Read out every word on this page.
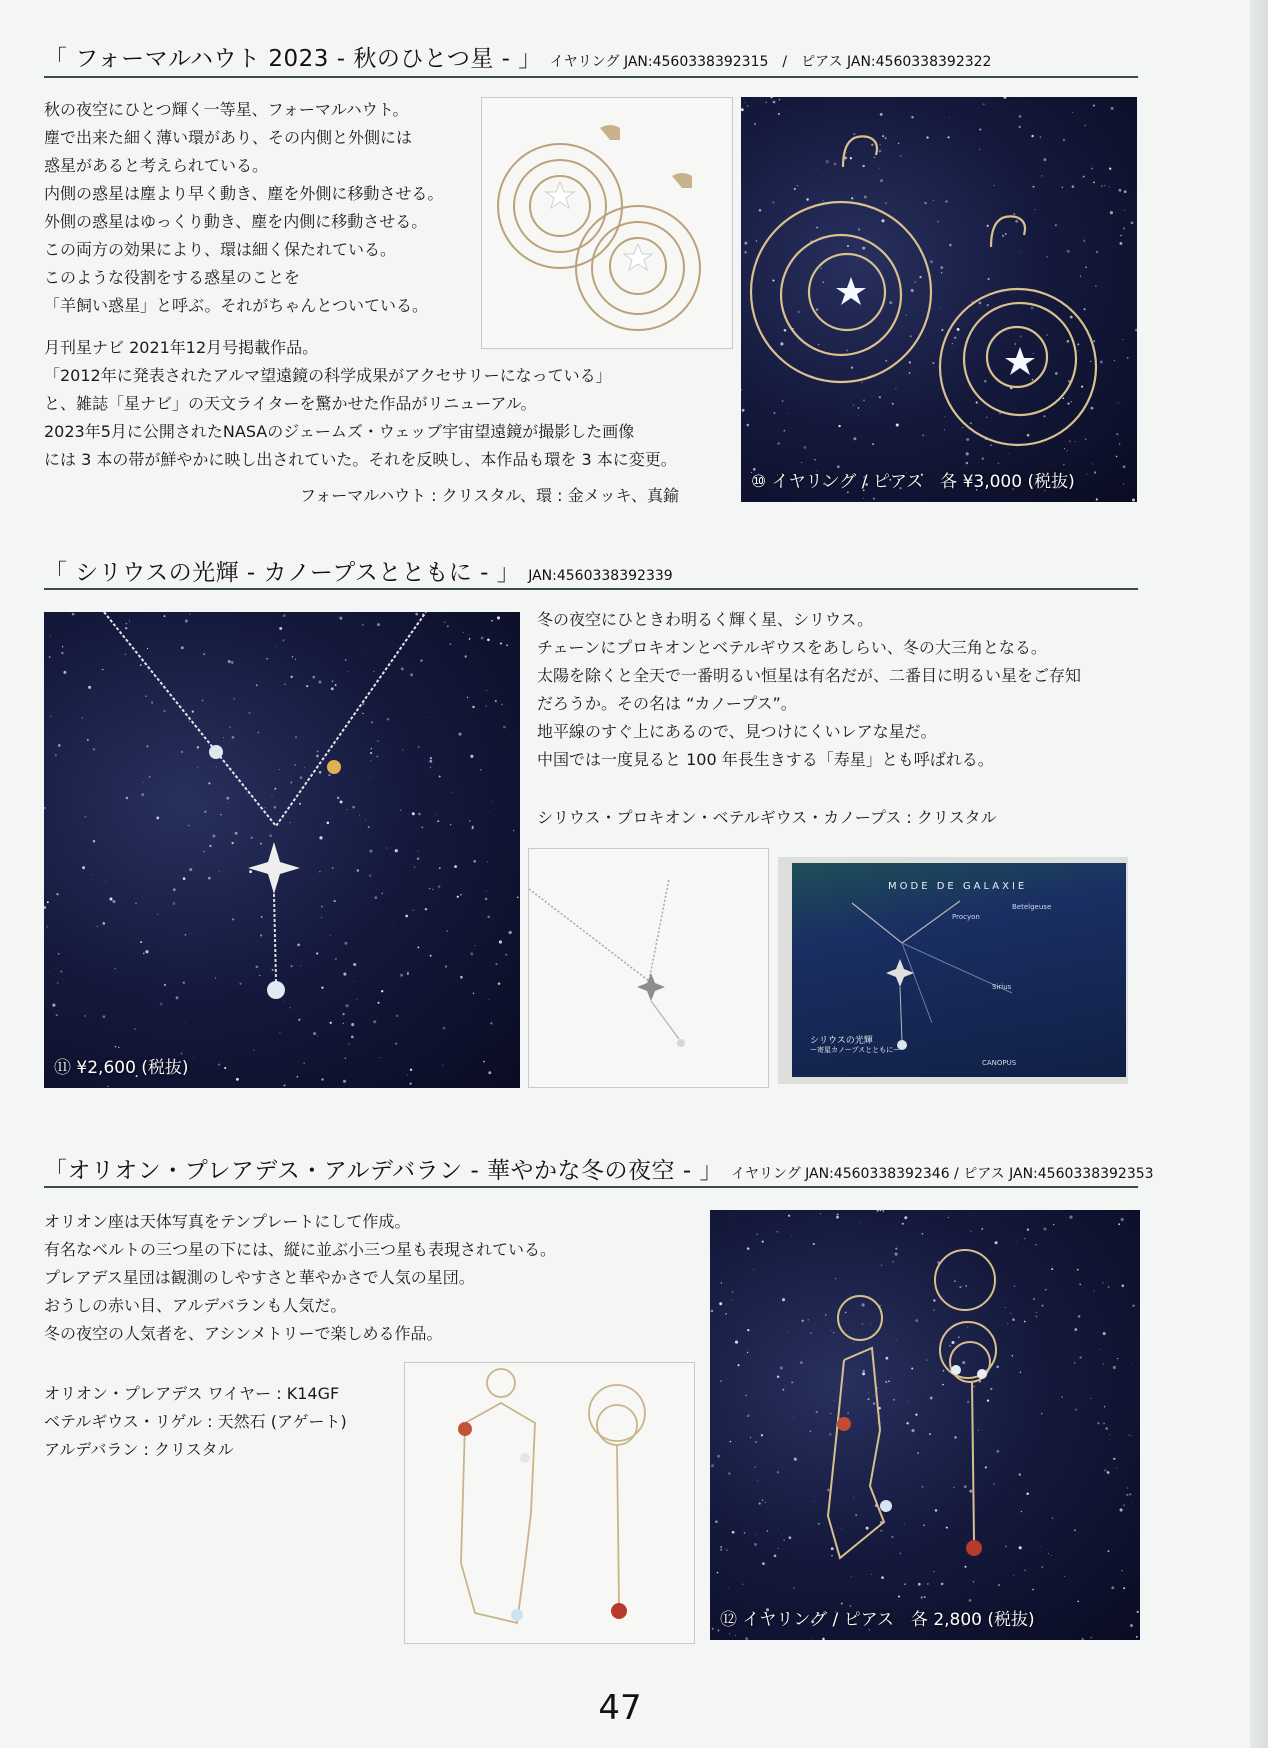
「 フォーマルハウト 2023 - 秋のひとつ星 - 」 イヤリング JAN:4560338392315　/　ピアス JAN:4560338392322

秋の夜空にひとつ輝く一等星、フォーマルハウト。

塵で出来た細く薄い環があり、その内側と外側には

惑星があると考えられている。

内側の惑星は塵より早く動き、塵を外側に移動させる。

外側の惑星はゆっくり動き、塵を内側に移動させる。

この両方の効果により、環は細く保たれている。

このような役割をする惑星のことを

「羊飼い惑星」と呼ぶ。それがちゃんとついている。

月刊星ナビ 2021年12月号掲載作品。

「2012年に発表されたアルマ望遠鏡の科学成果がアクセサリーになっている」

と、雑誌「星ナビ」の天文ライターを驚かせた作品がリニューアル。

2023年5月に公開されたNASAのジェームズ・ウェッブ宇宙望遠鏡が撮影した画像

には 3 本の帯が鮮やかに映し出されていた。それを反映し、本作品も環を 3 本に変更。

フォーマルハウト : クリスタル、環 : 金メッキ、真鍮

⑩ イヤリング / ピアス　各 ¥3,000 (税抜)
「 シリウスの光輝 - カノープスとともに - 」 JAN:4560338392339
⑪ ¥2,600 (税抜)

冬の夜空にひときわ明るく輝く星、シリウス。

チェーンにプロキオンとベテルギウスをあしらい、冬の大三角となる。

太陽を除くと全天で一番明るい恒星は有名だが、二番目に明るい星をご存知

だろうか。その名は “カノープス”。

地平線のすぐ上にあるので、見つけにくいレアな星だ。

中国では一度見ると 100 年長生きする「寿星」とも呼ばれる。

シリウス・プロキオン・ベテルギウス・カノープス : クリスタル

MODE DE GALAXIE
Procyon
Betelgeuse
Sirius
CANOPUS
シリウスの光輝
ー寄星カノープスとともにー
「オリオン・プレアデス・アルデバラン - 華やかな冬の夜空 - 」 イヤリング JAN:4560338392346 / ピアス JAN:4560338392353

オリオン座は天体写真をテンプレートにして作成。

有名なベルトの三つ星の下には、縦に並ぶ小三つ星も表現されている。

プレアデス星団は観測のしやすさと華やかさで人気の星団。

おうしの赤い目、アルデバランも人気だ。

冬の夜空の人気者を、アシンメトリーで楽しめる作品。

オリオン・プレアデス ワイヤー : K14GF

ベテルギウス・リゲル : 天然石 (アゲート)

アルデバラン : クリスタル

⑫ イヤリング / ピアス　各 2,800 (税抜)
47
